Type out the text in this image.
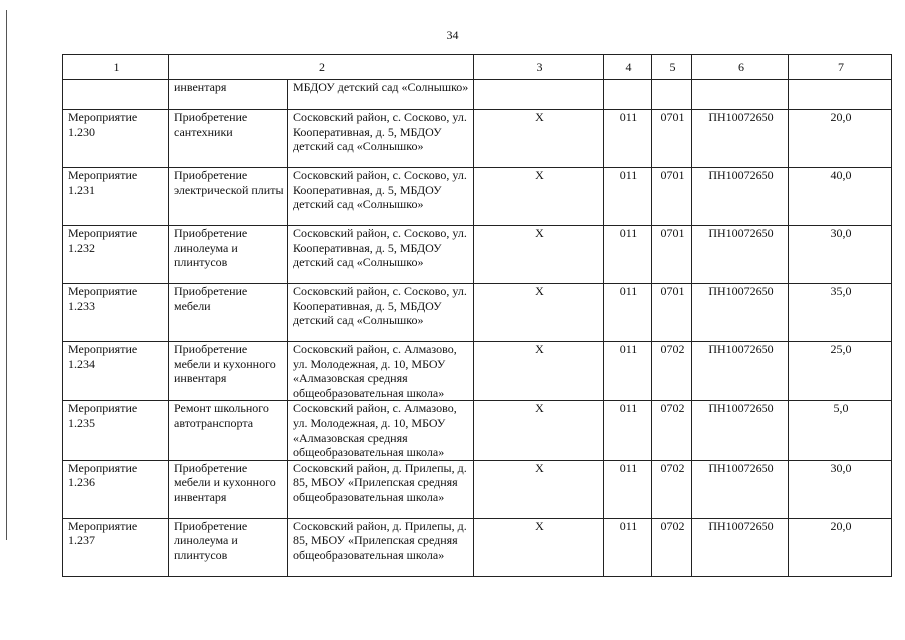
34
1	2		3	4	5	6	7
	инвентаря	МБДОУ детский сад «Солнышко»					
Мероприятие 1.230	Приобретение сантехники	Сосковский район, с. Сосково, ул. Кооперативная, д. 5, МБДОУ детский сад «Солнышко»	Х	011	0701	ПН10072650	20,0
Мероприятие 1.231	Приобретение электрической плиты	Сосковский район, с. Сосково, ул. Кооперативная, д. 5, МБДОУ детский сад «Солнышко»	Х	011	0701	ПН10072650	40,0
Мероприятие 1.232	Приобретение линолеума и плинтусов	Сосковский район, с. Сосково, ул. Кооперативная, д. 5, МБДОУ детский сад «Солнышко»	Х	011	0701	ПН10072650	30,0
Мероприятие 1.233	Приобретение мебели	Сосковский район, с. Сосково, ул. Кооперативная, д. 5, МБДОУ детский сад «Солнышко»	Х	011	0701	ПН10072650	35,0
Мероприятие 1.234	Приобретение мебели и кухонного инвентаря	Сосковский район, с. Алмазово, ул. Молодежная, д. 10, МБОУ «Алмазовская средняя общеобразовательная школа»	Х	011	0702	ПН10072650	25,0
Мероприятие 1.235	Ремонт школьного автотранспорта	Сосковский район, с. Алмазово, ул. Молодежная, д. 10, МБОУ «Алмазовская средняя общеобразовательная школа»	Х	011	0702	ПН10072650	5,0
Мероприятие 1.236	Приобретение мебели и кухонного инвентаря	Сосковский район, д. Прилепы, д. 85, МБОУ «Прилепская средняя общеобразовательная школа»	Х	011	0702	ПН10072650	30,0
Мероприятие 1.237	Приобретение линолеума и плинтусов	Сосковский район, д. Прилепы, д. 85, МБОУ «Прилепская средняя общеобразовательная школа»	Х	011	0702	ПН10072650	20,0
